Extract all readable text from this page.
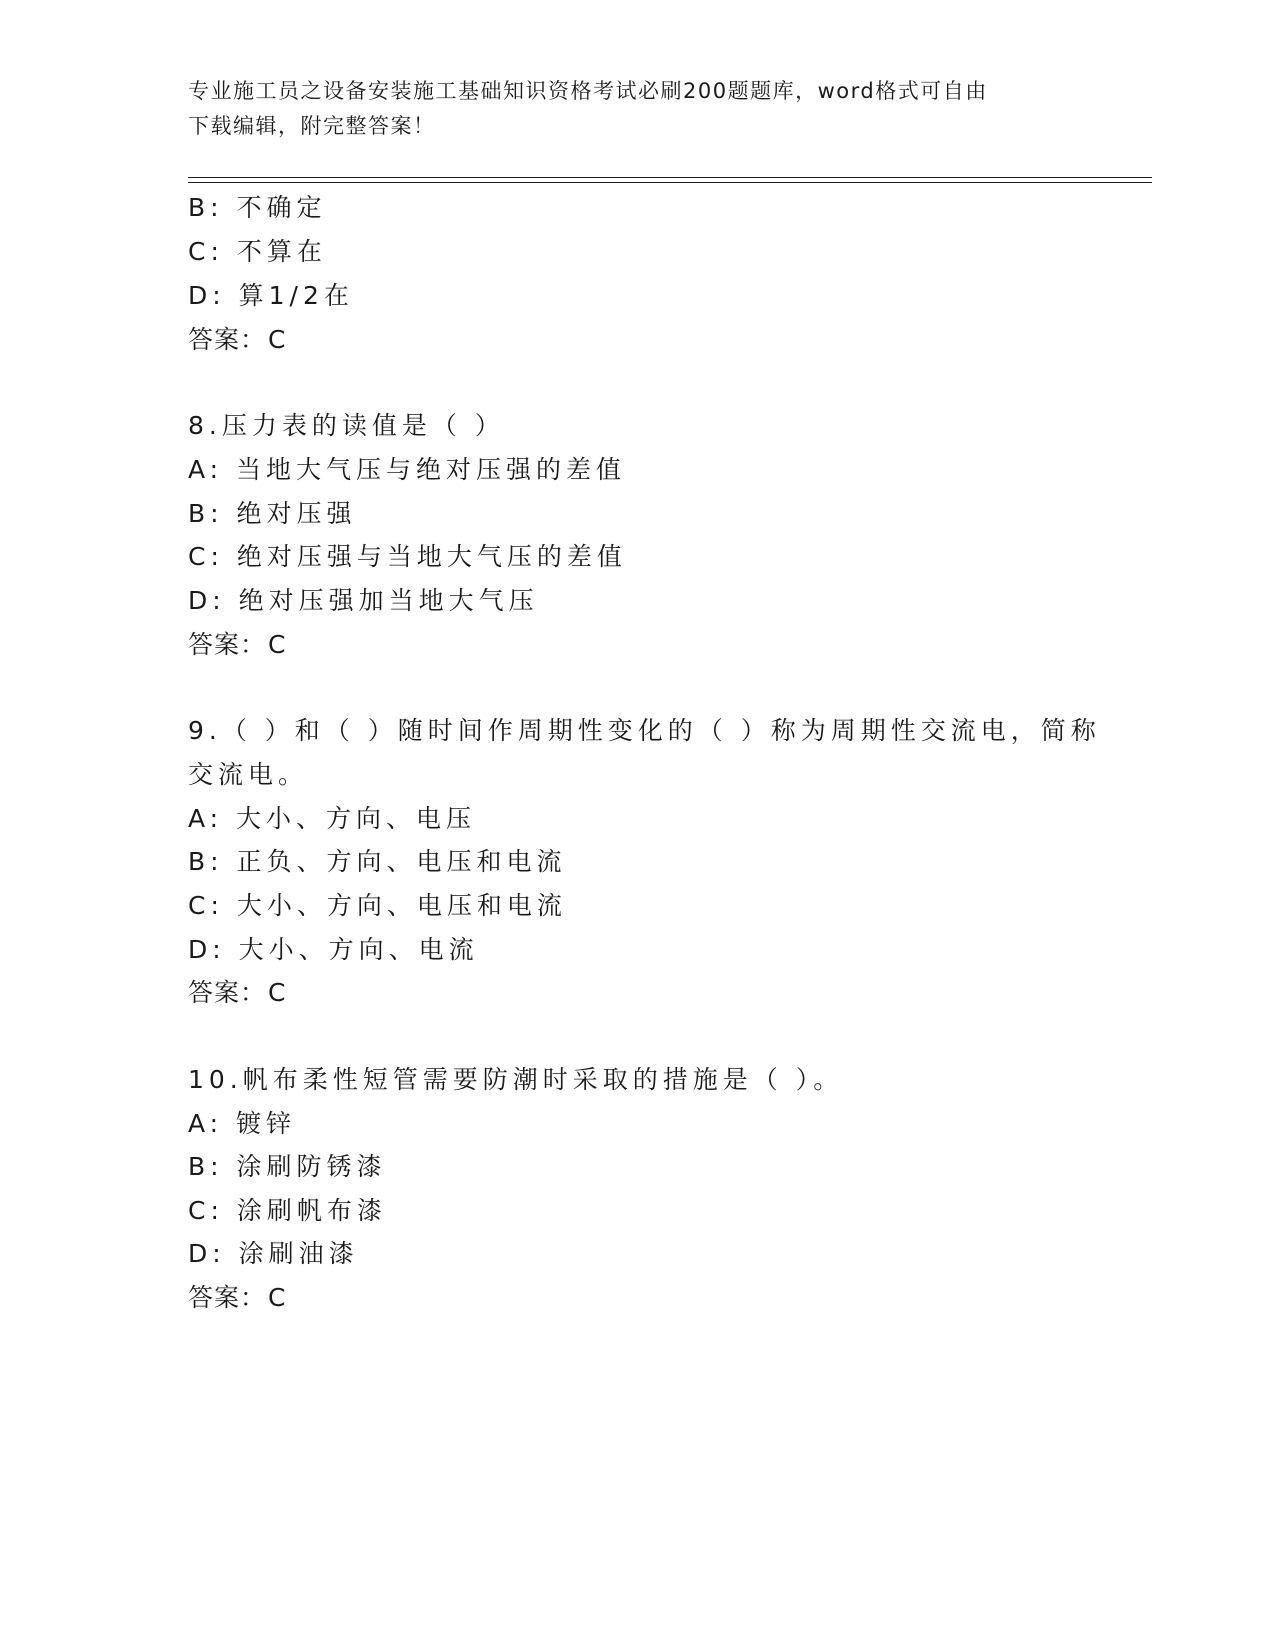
专业施工员之设备安装施工基础知识资格考试必刷200题题库，word格式可自由
下载编辑，附完整答案！
B: 不确定
C: 不算在
D: 算1/2在
答案：C
8.压力表的读值是（ ）
A: 当地大气压与绝对压强的差值
B: 绝对压强
C: 绝对压强与当地大气压的差值
D: 绝对压强加当地大气压
答案：C
9.（ ）和（ ）随时间作周期性变化的（ ）称为周期性交流电，简称
交流电。
A: 大小、方向、电压
B: 正负、方向、电压和电流
C: 大小、方向、电压和电流
D: 大小、方向、电流
答案：C
10.帆布柔性短管需要防潮时采取的措施是（ ）。
A: 镀锌
B: 涂刷防锈漆
C: 涂刷帆布漆
D: 涂刷油漆
答案：C
